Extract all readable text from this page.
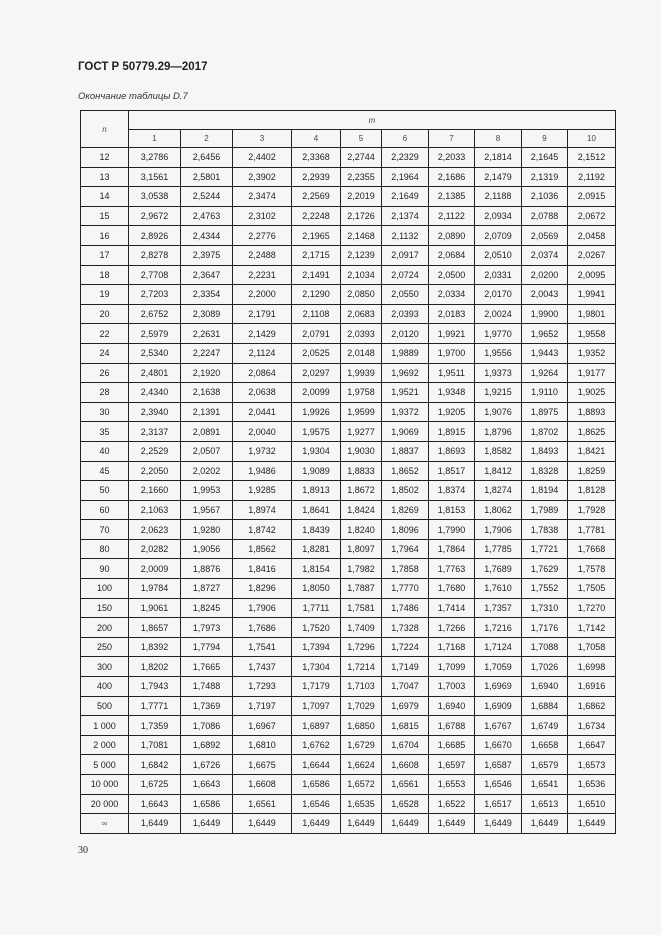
ГОСТ Р 50779.29—2017
Окончание таблицы D.7
n	m									
	1	2	3	4	5	6	7	8	9	10
12	3,2786	2,6456	2,4402	2,3368	2,2744	2,2329	2,2033	2,1814	2,1645	2,1512
13	3,1561	2,5801	2,3902	2,2939	2,2355	2,1964	2,1686	2,1479	2,1319	2,1192
14	3,0538	2,5244	2,3474	2,2569	2,2019	2,1649	2,1385	2,1188	2,1036	2,0915
15	2,9672	2,4763	2,3102	2,2248	2,1726	2,1374	2,1122	2,0934	2,0788	2,0672
16	2,8926	2,4344	2,2776	2,1965	2,1468	2,1132	2,0890	2,0709	2,0569	2,0458
17	2,8278	2,3975	2,2488	2,1715	2,1239	2,0917	2,0684	2,0510	2,0374	2,0267
18	2,7708	2,3647	2,2231	2,1491	2,1034	2,0724	2,0500	2,0331	2,0200	2,0095
19	2,7203	2,3354	2,2000	2,1290	2,0850	2,0550	2,0334	2,0170	2,0043	1,9941
20	2,6752	2,3089	2,1791	2,1108	2,0683	2,0393	2,0183	2,0024	1,9900	1,9801
22	2,5979	2,2631	2,1429	2,0791	2,0393	2,0120	1,9921	1,9770	1,9652	1,9558
24	2,5340	2,2247	2,1124	2,0525	2,0148	1,9889	1,9700	1,9556	1,9443	1,9352
26	2,4801	2,1920	2,0864	2,0297	1,9939	1,9692	1,9511	1,9373	1,9264	1,9177
28	2,4340	2,1638	2,0638	2,0099	1,9758	1,9521	1,9348	1,9215	1,9110	1,9025
30	2,3940	2,1391	2,0441	1,9926	1,9599	1,9372	1,9205	1,9076	1,8975	1,8893
35	2,3137	2,0891	2,0040	1,9575	1,9277	1,9069	1,8915	1,8796	1,8702	1,8625
40	2,2529	2,0507	1,9732	1,9304	1,9030	1,8837	1,8693	1,8582	1,8493	1,8421
45	2,2050	2,0202	1,9486	1,9089	1,8833	1,8652	1,8517	1,8412	1,8328	1,8259
50	2,1660	1,9953	1,9285	1,8913	1,8672	1,8502	1,8374	1,8274	1,8194	1,8128
60	2,1063	1,9567	1,8974	1,8641	1,8424	1,8269	1,8153	1,8062	1,7989	1,7928
70	2,0623	1,9280	1,8742	1,8439	1,8240	1,8096	1,7990	1,7906	1,7838	1,7781
80	2,0282	1,9056	1,8562	1,8281	1,8097	1,7964	1,7864	1,7785	1,7721	1,7668
90	2,0009	1,8876	1,8416	1,8154	1,7982	1,7858	1,7763	1,7689	1,7629	1,7578
100	1,9784	1,8727	1,8296	1,8050	1,7887	1,7770	1,7680	1,7610	1,7552	1,7505
150	1,9061	1,8245	1,7906	1,7711	1,7581	1,7486	1,7414	1,7357	1,7310	1,7270
200	1,8657	1,7973	1,7686	1,7520	1,7409	1,7328	1,7266	1,7216	1,7176	1,7142
250	1,8392	1,7794	1,7541	1,7394	1,7296	1,7224	1,7168	1,7124	1,7088	1,7058
300	1,8202	1,7665	1,7437	1,7304	1,7214	1,7149	1,7099	1,7059	1,7026	1,6998
400	1,7943	1,7488	1,7293	1,7179	1,7103	1,7047	1,7003	1,6969	1,6940	1,6916
500	1,7771	1,7369	1,7197	1,7097	1,7029	1,6979	1,6940	1,6909	1,6884	1,6862
1 000	1,7359	1,7086	1,6967	1,6897	1,6850	1,6815	1,6788	1,6767	1,6749	1,6734
2 000	1,7081	1,6892	1,6810	1,6762	1,6729	1,6704	1,6685	1,6670	1,6658	1,6647
5 000	1,6842	1,6726	1,6675	1,6644	1,6624	1,6608	1,6597	1,6587	1,6579	1,6573
10 000	1,6725	1,6643	1,6608	1,6586	1,6572	1,6561	1,6553	1,6546	1,6541	1,6536
20 000	1,6643	1,6586	1,6561	1,6546	1,6535	1,6528	1,6522	1,6517	1,6513	1,6510
∞	1,6449	1,6449	1,6449	1,6449	1,6449	1,6449	1,6449	1,6449	1,6449	1,6449
30
